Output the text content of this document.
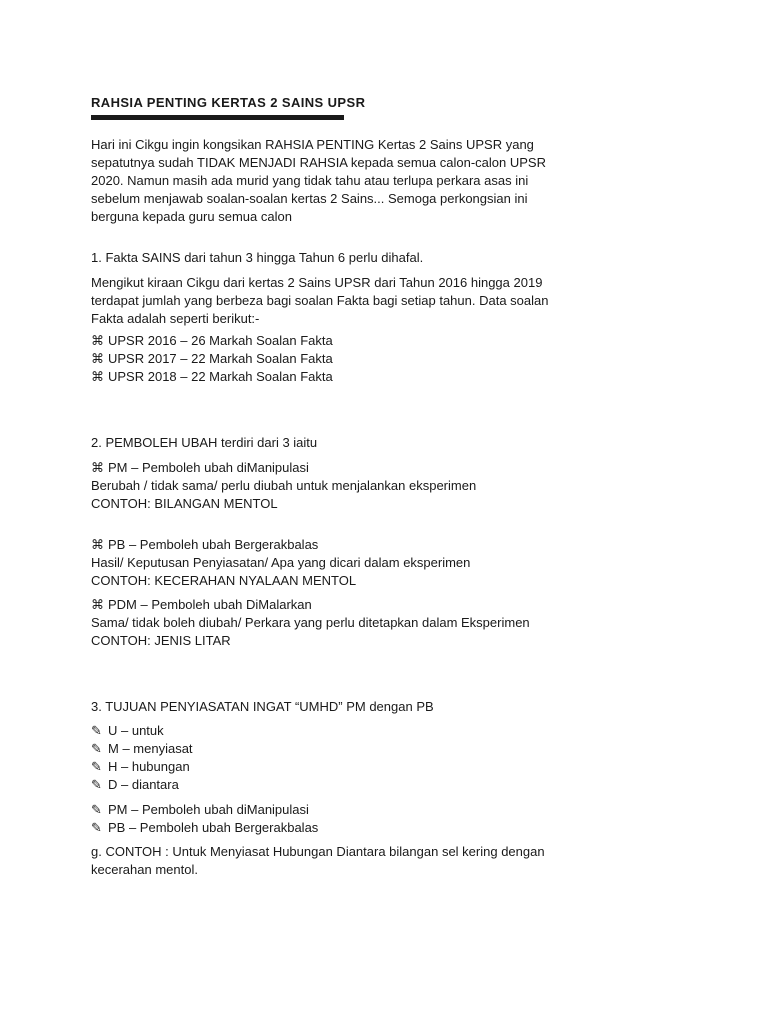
RAHSIA PENTING KERTAS 2 SAINS UPSR
Hari ini Cikgu ingin kongsikan RAHSIA PENTING Kertas 2 Sains UPSR yang
sepatutnya sudah TIDAK MENJADI RAHSIA kepada semua calon-calon UPSR
2020. Namun masih ada murid yang tidak tahu atau terlupa perkara asas ini
sebelum menjawab soalan-soalan kertas 2 Sains... Semoga perkongsian ini
berguna kepada guru semua calon
1. Fakta SAINS dari tahun 3 hingga Tahun 6 perlu dihafal.
Mengikut kiraan Cikgu dari kertas 2 Sains UPSR dari Tahun 2016 hingga 2019
terdapat jumlah yang berbeza bagi soalan Fakta bagi setiap tahun. Data soalan
Fakta adalah seperti berikut:-
⌘ UPSR 2016 – 26 Markah Soalan Fakta
⌘ UPSR 2017 – 22 Markah Soalan Fakta
⌘ UPSR 2018 – 22 Markah Soalan Fakta
2. PEMBOLEH UBAH terdiri dari 3 iaitu
⌘ PM – Pemboleh ubah diManipulasi
Berubah / tidak sama/ perlu diubah untuk menjalankan eksperimen
CONTOH: BILANGAN MENTOL
⌘ PB – Pemboleh ubah Bergerakbalas
Hasil/ Keputusan Penyiasatan/ Apa yang dicari dalam eksperimen
CONTOH: KECERAHAN NYALAAN MENTOL
⌘ PDM – Pemboleh ubah DiMalarkan
Sama/ tidak boleh diubah/ Perkara yang perlu ditetapkan dalam Eksperimen
CONTOH: JENIS LITAR
3. TUJUAN PENYIASATAN INGAT “UMHD” PM dengan PB
✎ U – untuk
✎ M – menyiasat
✎ H – hubungan
✎ D – diantara
✎ PM – Pemboleh ubah diManipulasi
✎ PB – Pemboleh ubah Bergerakbalas
g. CONTOH : Untuk Menyiasat Hubungan Diantara bilangan sel kering dengan
kecerahan mentol.
